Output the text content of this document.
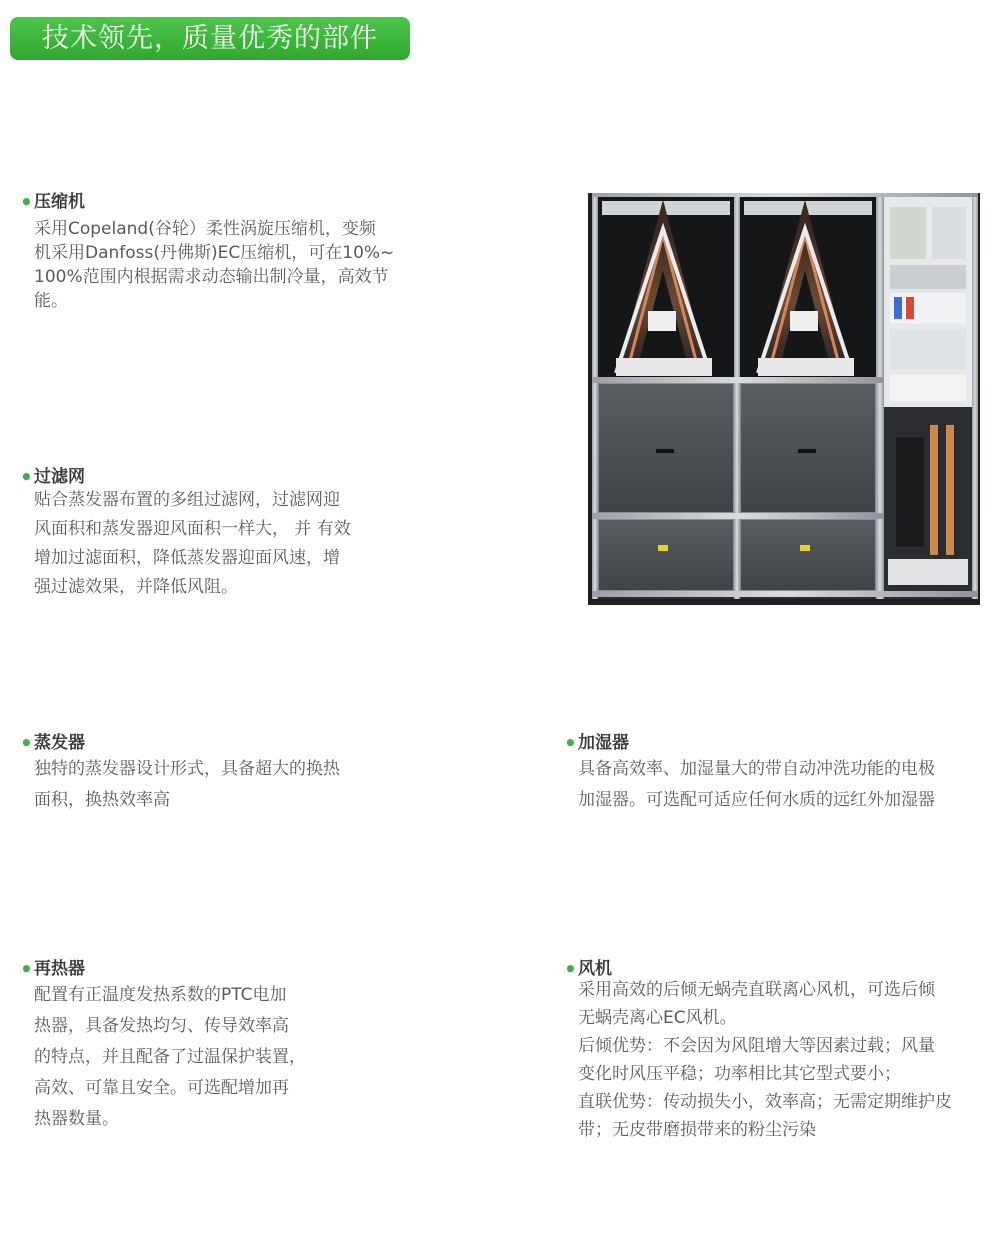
技术领先，质量优秀的部件
• 压缩机
采用Copeland(谷轮）柔性涡旋压缩机，变频
机采用Danfoss(丹佛斯)EC压缩机，可在10%~
100%范围内根据需求动态输出制冷量，高效节
能。
• 过滤网
贴合蒸发器布置的多组过滤网，过滤网迎
风面积和蒸发器迎风面积一样大， 并 有效
增加过滤面积，降低蒸发器迎面风速，增
强过滤效果，并降低风阻。
• 蒸发器
独特的蒸发器设计形式，具备超大的换热
面积，换热效率高
• 加湿器
具备高效率、加湿量大的带自动冲洗功能的电极
加湿器。可选配可适应任何水质的远红外加湿器
• 再热器
配置有正温度发热系数的PTC电加
热器，具备发热均匀、传导效率高
的特点，并且配备了过温保护装置，
高效、可靠且安全。可选配增加再
热器数量。
• 风机
采用高效的后倾无蜗壳直联离心风机，可选后倾
无蜗壳离心EC风机。
后倾优势：不会因为风阻增大等因素过载；风量
变化时风压平稳；功率相比其它型式要小；
直联优势：传动损失小，效率高；无需定期维护皮
带；无皮带磨损带来的粉尘污染
